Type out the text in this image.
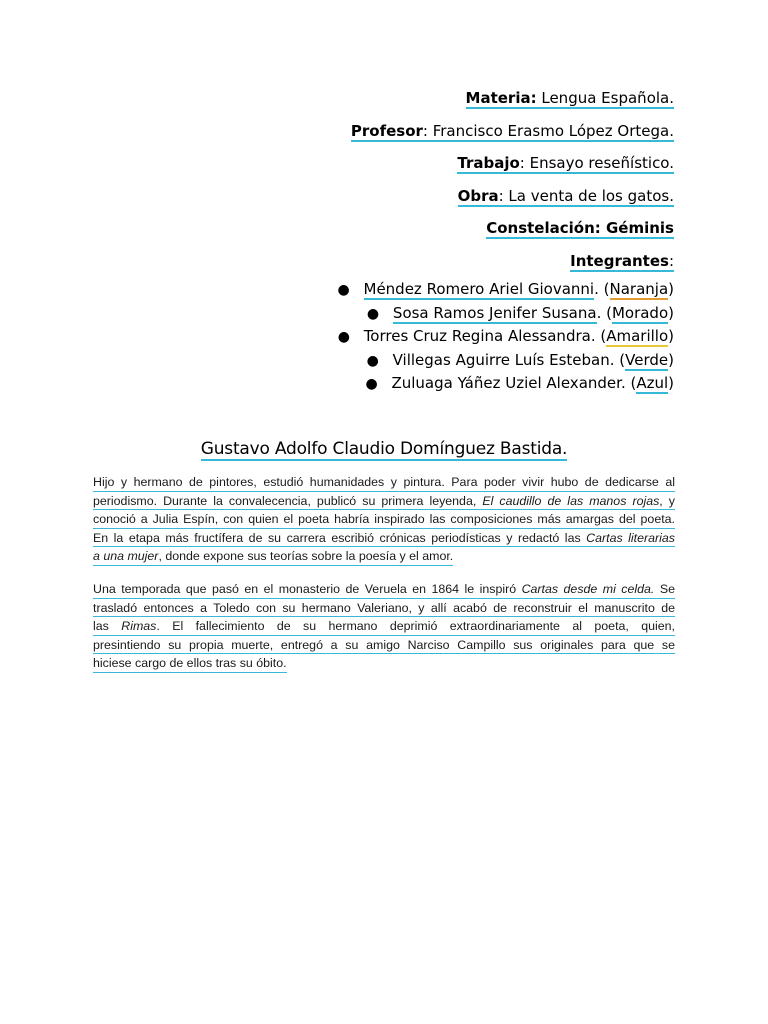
Materia: Lengua Española.
Profesor: Francisco Erasmo López Ortega.
Trabajo: Ensayo reseñístico.
Obra: La venta de los gatos.
Constelación: Géminis
Integrantes:
● Méndez Romero Ariel Giovanni. (Naranja)
● Sosa Ramos Jenifer Susana. (Morado)
● Torres Cruz Regina Alessandra. (Amarillo)
● Villegas Aguirre Luís Esteban. (Verde)
● Zuluaga Yáñez Uziel Alexander. (Azul)
Gustavo Adolfo Claudio Domínguez Bastida.
Hijo y hermano de pintores, estudió humanidades y pintura. Para poder vivir hubo de dedicarse al
periodismo. Durante la convalecencia, publicó su primera leyenda, El caudillo de las manos rojas, y
conoció a Julia Espín, con quien el poeta habría inspirado las composiciones más amargas del poeta.
En la etapa más fructífera de su carrera escribió crónicas periodísticas y redactó las Cartas literarias
a una mujer, donde expone sus teorías sobre la poesía y el amor.
Una temporada que pasó en el monasterio de Veruela en 1864 le inspiró Cartas desde mi celda. Se
trasladó entonces a Toledo con su hermano Valeriano, y allí acabó de reconstruir el manuscrito de
las Rimas. El fallecimiento de su hermano deprimió extraordinariamente al poeta, quien,
presintiendo su propia muerte, entregó a su amigo Narciso Campillo sus originales para que se
hiciese cargo de ellos tras su óbito.
